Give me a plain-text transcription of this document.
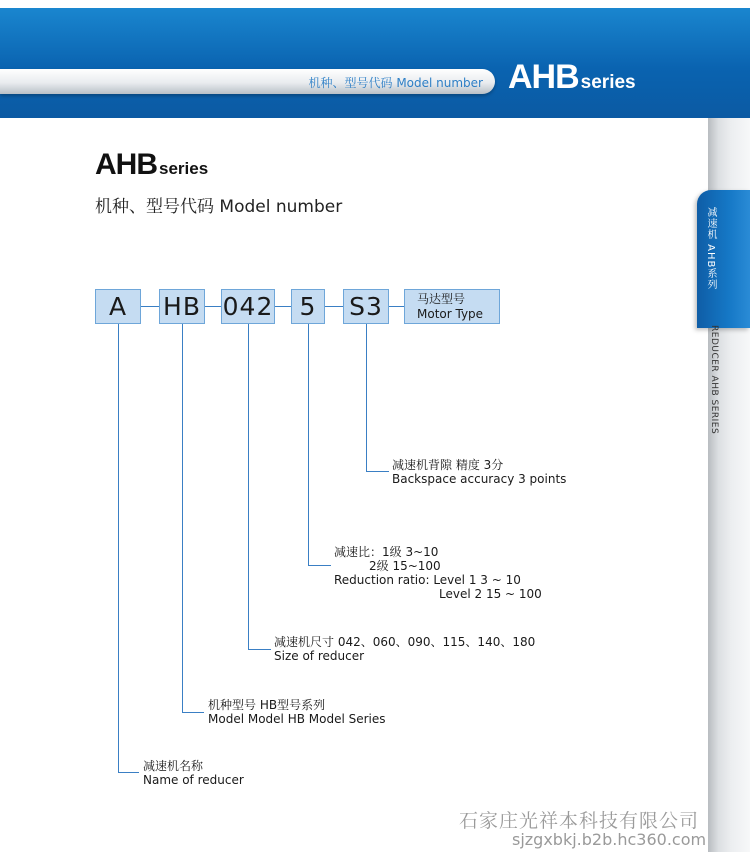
机种、型号代码 Model number AHB series
减速机 AHB系列
REDUCER AHB SERIES
AHB series
机种、型号代码 Model number
A	HB 042	5	S3	马达型号
Motor Type
减速机背隙 精度 3分
Backspace accuracy 3 points
减速比：1级 3~10
2级 15~100
Reduction ratio: Level 1 3 ~ 10
Level 2 15 ~ 100
减速机尺寸 042、060、090、115、140、180
Size of reducer
机种型号 HB型号系列
Model Model HB Model Series
减速机名称
Name of reducer
石家庄光祥本科技有限公司
sjzgxbkj.b2b.hc360.com
